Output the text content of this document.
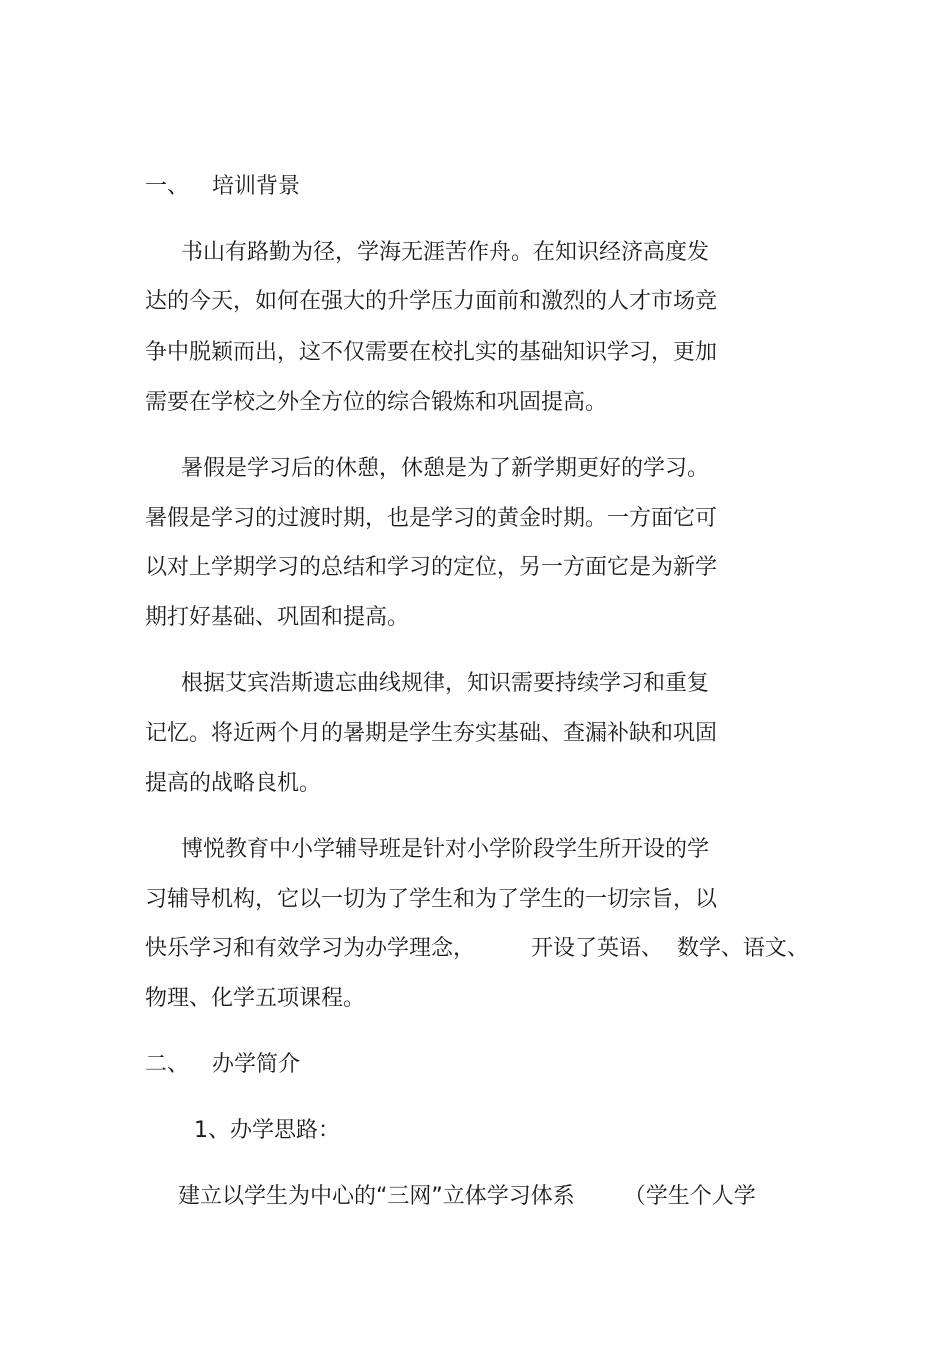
一、 培训背景
书山有路勤为径，学海无涯苦作舟。在知识经济高度发
达的今天，如何在强大的升学压力面前和激烈的人才市场竞
争中脱颖而出，这不仅需要在校扎实的基础知识学习，更加
需要在学校之外全方位的综合锻炼和巩固提高。
暑假是学习后的休憩，休憩是为了新学期更好的学习。
暑假是学习的过渡时期，也是学习的黄金时期。一方面它可
以对上学期学习的总结和学习的定位，另一方面它是为新学
期打好基础、巩固和提高。
根据艾宾浩斯遗忘曲线规律，知识需要持续学习和重复
记忆。将近两个月的暑期是学生夯实基础、查漏补缺和巩固
提高的战略良机。
博悦教育中小学辅导班是针对小学阶段学生所开设的学
习辅导机构，它以一切为了学生和为了学生的一切宗旨，以
快乐学习和有效学习为办学理念，        开设了英语、  数学、语文、
物理、化学五项课程。
二、 办学简介
1、办学思路：
建立以学生为中心的“三网”立体学习体系       （学生个人学
